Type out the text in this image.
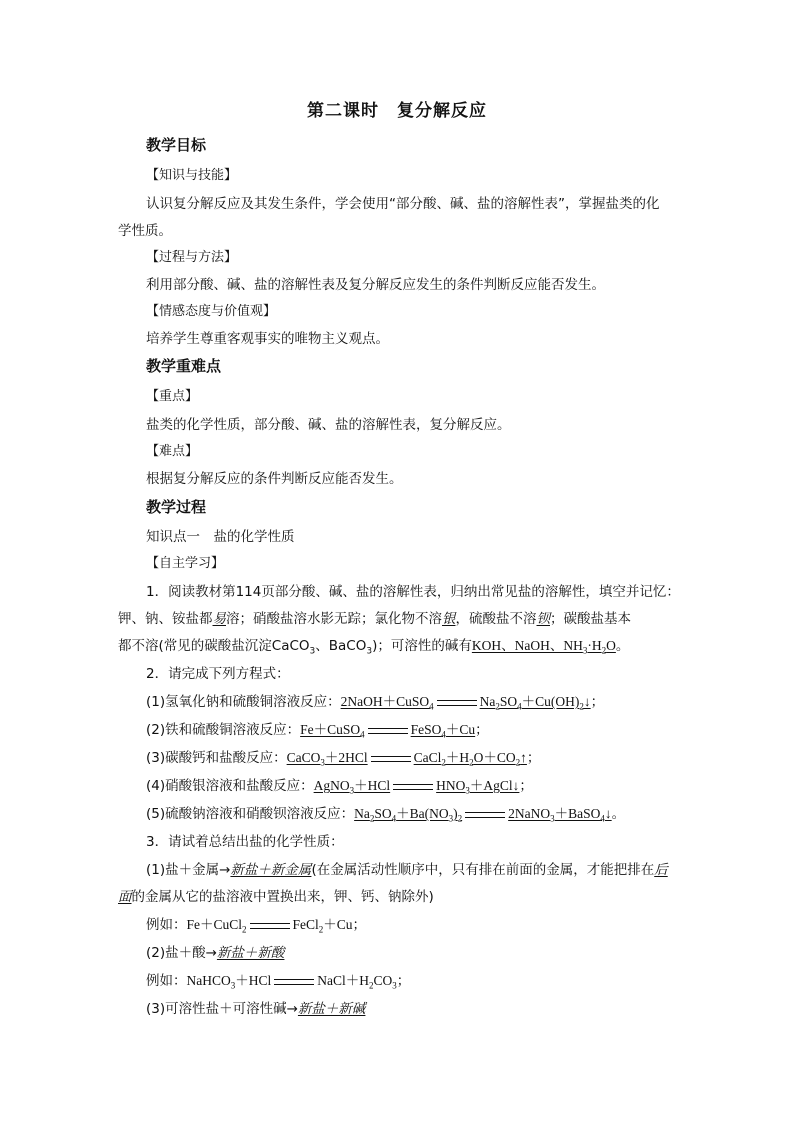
第二课时　复分解反应
教学目标
【知识与技能】
认识复分解反应及其发生条件，学会使用“部分酸、碱、盐的溶解性表”，掌握盐类的化
学性质。
【过程与方法】
利用部分酸、碱、盐的溶解性表及复分解反应发生的条件判断反应能否发生。
【情感态度与价值观】
培养学生尊重客观事实的唯物主义观点。
教学重难点
【重点】
盐类的化学性质，部分酸、碱、盐的溶解性表，复分解反应。
【难点】
根据复分解反应的条件判断反应能否发生。
教学过程
知识点一　盐的化学性质
【自主学习】
1．阅读教材第114页部分酸、碱、盐的溶解性表，归纳出常见盐的溶解性，填空并记忆：
钾、钠、铵盐都易溶；硝酸盐溶水影无踪；氯化物不溶银，硫酸盐不溶钡；碳酸盐基本
都不溶(常见的碳酸盐沉淀CaCO$_3$、BaCO$_3$)；可溶性的碱有KOH、NaOH、$NH_3\cdot H_2O$。
2．请完成下列方程式：
(1)氢氧化钠和硫酸铜溶液反应：2NaOH＋CuSO$_4$	$Na_2SO_4+Cu(OH)_2↓$；
(2)铁和硫酸铜溶液反应：Fe＋CuSO$_4$	FeSO$_4$＋Cu；
(3)碳酸钙和盐酸反应：CaCO$_3$＋2HCl	$CaCl_2+H_2O+CO_2↑$；
(4)硝酸银溶液和盐酸反应：AgNO$_3$＋HCl	$HNO_3+AgCl↓$；
(5)硫酸钠溶液和硝酸钡溶液反应：$Na_2SO_4+Ba(NO_3)_2$	2NaNO$_3$＋BaSO$_4$↓。
3．请试着总结出盐的化学性质：
(1)盐＋金属→新盐＋新金属(在金属活动性顺序中，只有排在前面的金属，才能把排在后
面的金属从它的盐溶液中置换出来，钾、钙、钠除外)
例如：Fe＋CuCl$_2$	FeCl$_2$＋Cu；
(2)盐＋酸→新盐＋新酸
例如：NaHCO$_3$＋HCl	$NaCl+H_2CO_3$；
(3)可溶性盐＋可溶性碱→新盐＋新碱
